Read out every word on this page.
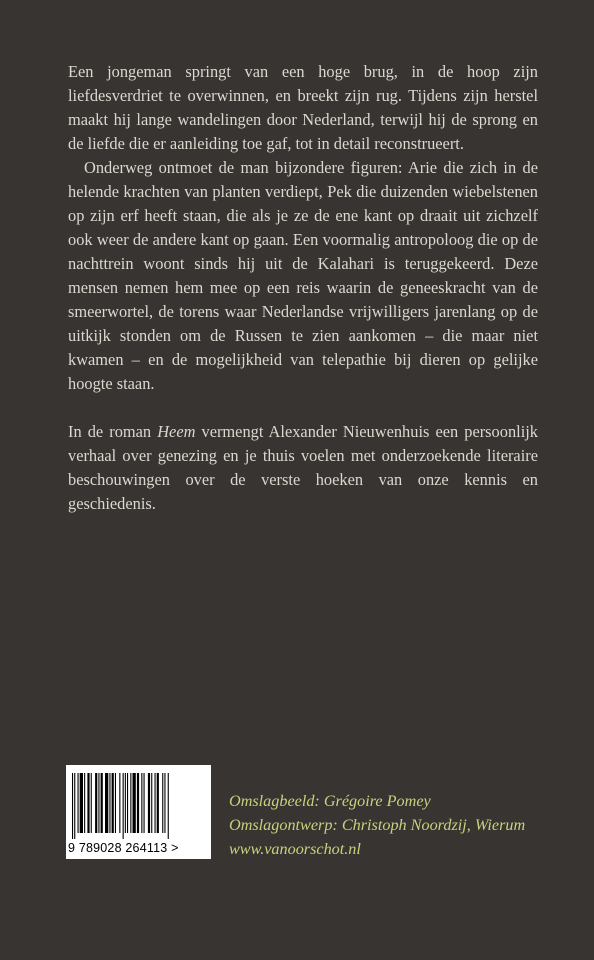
Een jongeman springt van een hoge brug, in de hoop zijn liefdesverdriet te overwinnen, en breekt zijn rug. Tijdens zijn herstel maakt hij lange wandelingen door Nederland, terwijl hij de sprong en de liefde die er aanleiding toe gaf, tot in detail reconstrueert.

Onderweg ontmoet de man bijzondere figuren: Arie die zich in de helende krachten van planten verdiept, Pek die duizenden wiebelstenen op zijn erf heeft staan, die als je ze de ene kant op draait uit zichzelf ook weer de andere kant op gaan. Een voormalig antropoloog die op de nachttrein woont sinds hij uit de Kalahari is teruggekeerd. Deze mensen nemen hem mee op een reis waarin de geneeskracht van de smeerwortel, de torens waar Nederlandse vrijwilligers jarenlang op de uitkijk stonden om de Russen te zien aankomen – die maar niet kwamen – en de mogelijkheid van telepathie bij dieren op gelijke hoogte staan.

In de roman Heem vermengt Alexander Nieuwenhuis een persoonlijk verhaal over genezing en je thuis voelen met onderzoekende literaire beschouwingen over de verste hoeken van onze kennis en geschiedenis.

9 789028 264113 >
Omslagbeeld: Grégoire Pomey
Omslagontwerp: Christoph Noordzij, Wierum
www.vanoorschot.nl
